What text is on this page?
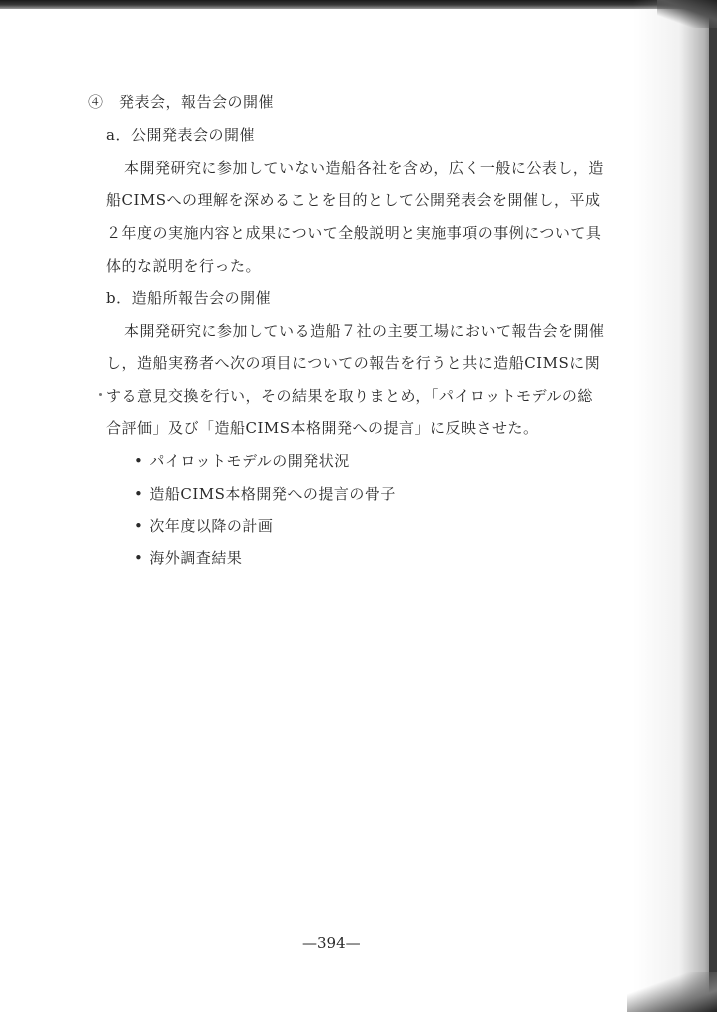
④　発表会，報告会の開催
a．公開発表会の開催
本開発研究に参加していない造船各社を含め，広く一般に公表し，造
船CIMSへの理解を深めることを目的として公開発表会を開催し，平成
２年度の実施内容と成果について全般説明と実施事項の事例について具
体的な説明を行った。
b．造船所報告会の開催
本開発研究に参加している造船７社の主要工場において報告会を開催
し，造船実務者へ次の項目についての報告を行うと共に造船CIMSに関
する意見交換を行い，その結果を取りまとめ，「パイロットモデルの総
合評価」及び「造船CIMS本格開発への提言」に反映させた。
• パイロットモデルの開発状況
• 造船CIMS本格開発への提言の骨子
• 次年度以降の計画
• 海外調査結果
—394—
